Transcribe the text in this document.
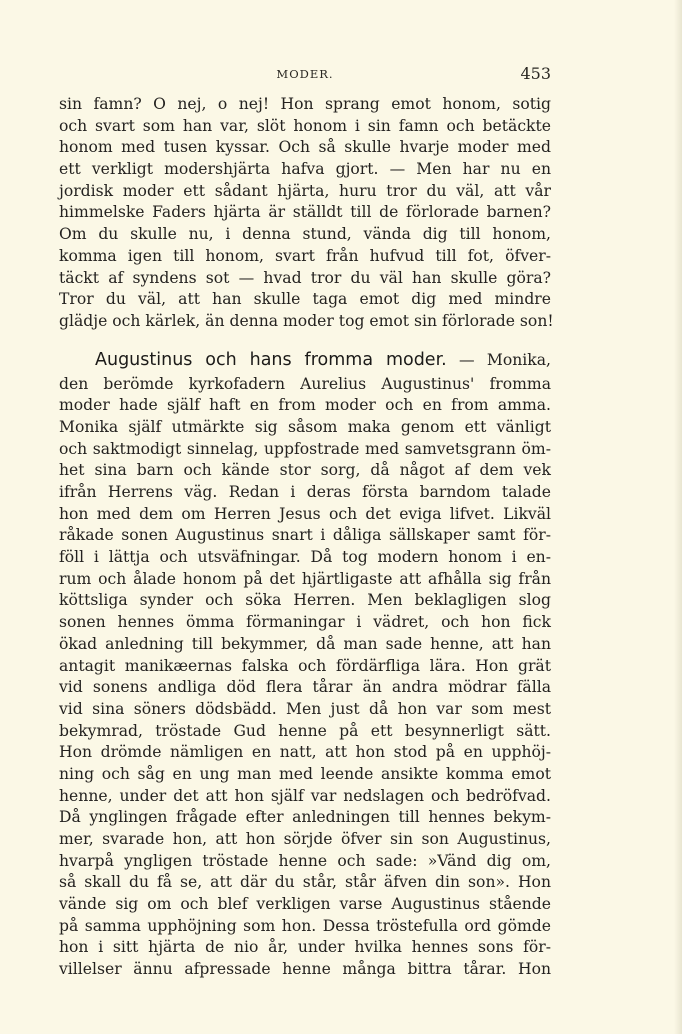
MODER.	453
sin famn? O nej, o nej! Hon sprang emot honom, sotig
och svart som han var, slöt honom i sin famn och betäckte
honom med tusen kyssar. Och så skulle hvarje moder med
ett verkligt modershjärta hafva gjort. — Men har nu en
jordisk moder ett sådant hjärta, huru tror du väl, att vår
himmelske Faders hjärta är ställdt till de förlorade barnen?
Om du skulle nu, i denna stund, vända dig till honom,
komma igen till honom, svart från hufvud till fot, öfver-
täckt af syndens sot — hvad tror du väl han skulle göra?
Tror du väl, att han skulle taga emot dig med mindre
glädje och kärlek, än denna moder tog emot sin förlorade son!
Augustinus och hans fromma moder. — Monika,
den berömde kyrkofadern Aurelius Augustinus' fromma
moder hade själf haft en from moder och en from amma.
Monika själf utmärkte sig såsom maka genom ett vänligt
och saktmodigt sinnelag, uppfostrade med samvetsgrann öm-
het sina barn och kände stor sorg, då något af dem vek
ifrån Herrens väg. Redan i deras första barndom talade
hon med dem om Herren Jesus och det eviga lifvet. Likväl
råkade sonen Augustinus snart i dåliga sällskaper samt för-
föll i lättja och utsväfningar. Då tog modern honom i en-
rum och ålade honom på det hjärtligaste att afhålla sig från
köttsliga synder och söka Herren. Men beklagligen slog
sonen hennes ömma förmaningar i vädret, och hon fick
ökad anledning till bekymmer, då man sade henne, att han
antagit manikæernas falska och fördärfliga lära. Hon grät
vid sonens andliga död flera tårar än andra mödrar fälla
vid sina söners dödsbädd. Men just då hon var som mest
bekymrad, tröstade Gud henne på ett besynnerligt sätt.
Hon drömde nämligen en natt, att hon stod på en upphöj-
ning och såg en ung man med leende ansikte komma emot
henne, under det att hon själf var nedslagen och bedröfvad.
Då ynglingen frågade efter anledningen till hennes bekym-
mer, svarade hon, att hon sörjde öfver sin son Augustinus,
hvarpå yngligen tröstade henne och sade: »Vänd dig om,
så skall du få se, att där du står, står äfven din son». Hon
vände sig om och blef verkligen varse Augustinus stående
på samma upphöjning som hon. Dessa tröstefulla ord gömde
hon i sitt hjärta de nio år, under hvilka hennes sons för-
villelser ännu afpressade henne många bittra tårar. Hon
